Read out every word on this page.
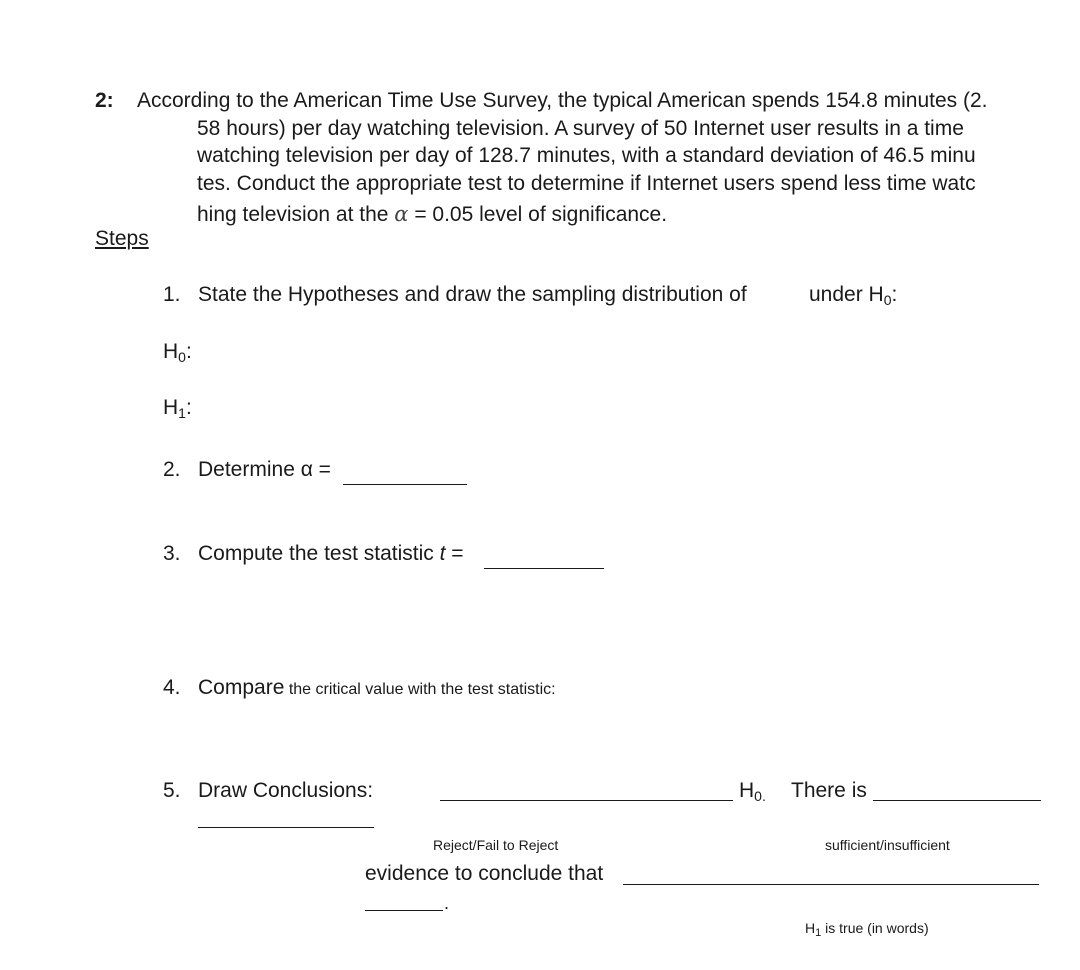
2: According to the American Time Use Survey, the typical American spends 154.8 minutes (2.
58 hours) per day watching television. A survey of 50 Internet user results in a time
watching television per day of 128.7 minutes, with a standard deviation of 46.5 minu
tes. Conduct the appropriate test to determine if Internet users spend less time watc
hing television at the α = 0.05 level of significance.
Steps
1. State the Hypotheses and draw the sampling distribution of	under $H_0$:
$H_0$:
$H_1$:
2. Determine α =
3. Compute the test statistic t =
4. Compare the critical value with the test statistic:
5. Draw Conclusions:	$H_{0.}$ There is
Reject/Fail to Reject	sufficient/insufficient
evidence to conclude that
.
$H_1$ is true (in words)
